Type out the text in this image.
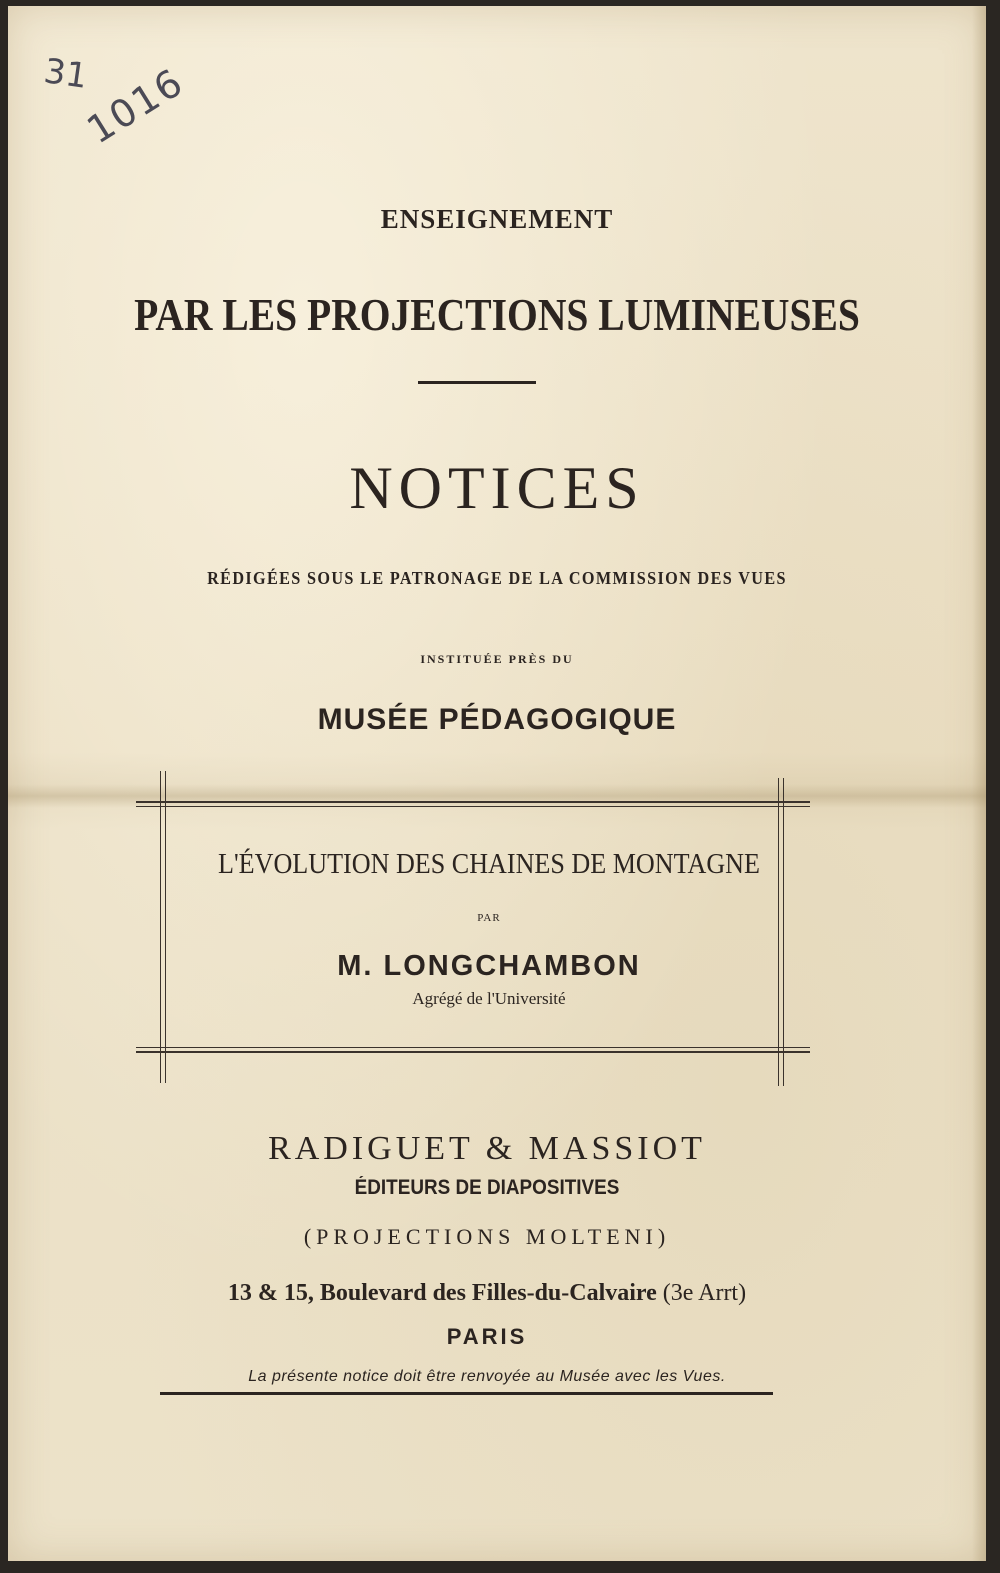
31
1016
ENSEIGNEMENT
PAR LES PROJECTIONS LUMINEUSES
NOTICES
RÉDIGÉES SOUS LE PATRONAGE DE LA COMMISSION DES VUES
INSTITUÉE PRÈS DU
MUSÉE PÉDAGOGIQUE
L'ÉVOLUTION DES CHAINES DE MONTAGNE
PAR
M. LONGCHAMBON
Agrégé de l'Université
RADIGUET & MASSIOT
ÉDITEURS DE DIAPOSITIVES
(PROJECTIONS MOLTENI)
13 & 15, Boulevard des Filles-du-Calvaire (3e Arrt)
PARIS
La présente notice doit être renvoyée au Musée avec les Vues.
